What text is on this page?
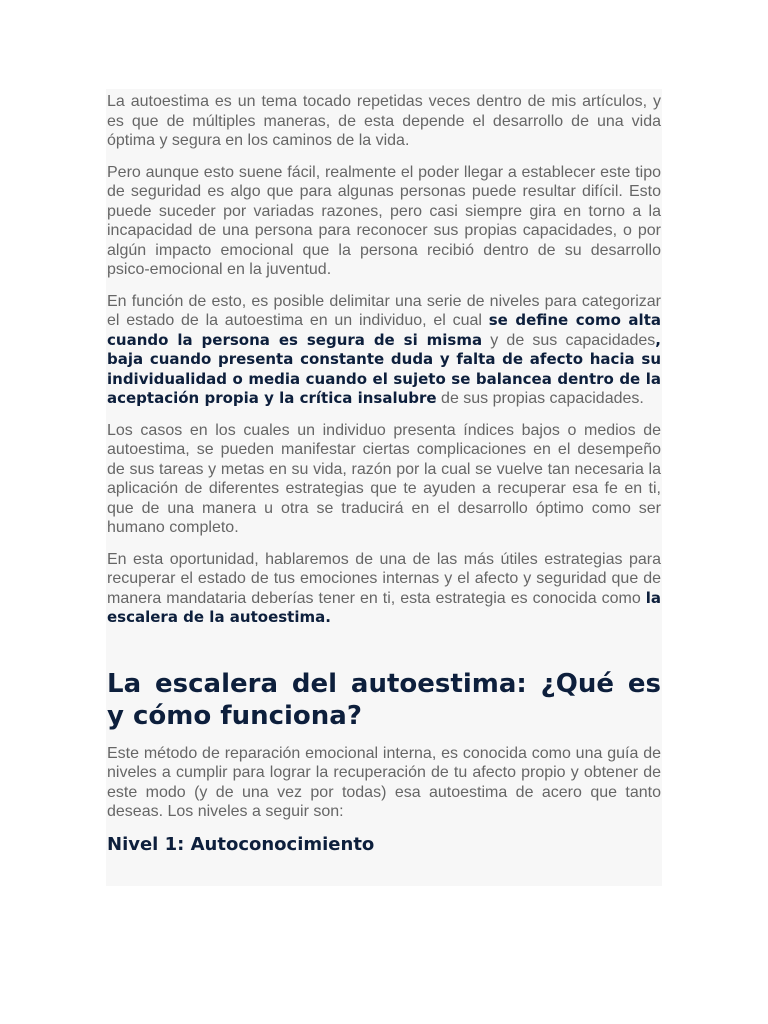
La autoestima es un tema tocado repetidas veces dentro de mis artículos, y es que de múltiples maneras, de esta depende el desarrollo de una vida óptima y segura en los caminos de la vida.

Pero aunque esto suene fácil, realmente el poder llegar a establecer este tipo de seguridad es algo que para algunas personas puede resultar difícil. Esto puede suceder por variadas razones, pero casi siempre gira en torno a la incapacidad de una persona para reconocer sus propias capacidades, o por algún impacto emocional que la persona recibió dentro de su desarrollo psico-emocional en la juventud.

En función de esto, es posible delimitar una serie de niveles para categorizar el estado de la autoestima en un individuo, el cual se define como alta cuando la persona es segura de si misma y de sus capacidades, baja cuando presenta constante duda y falta de afecto hacia su individualidad o media cuando el sujeto se balancea dentro de la aceptación propia y la crítica insalubre de sus propias capacidades.

Los casos en los cuales un individuo presenta índices bajos o medios de autoestima, se pueden manifestar ciertas complicaciones en el desempeño de sus tareas y metas en su vida, razón por la cual se vuelve tan necesaria la aplicación de diferentes estrategias que te ayuden a recuperar esa fe en ti, que de una manera u otra se traducirá en el desarrollo óptimo como ser humano completo.

En esta oportunidad, hablaremos de una de las más útiles estrategias para recuperar el estado de tus emociones internas y el afecto y seguridad que de manera mandataria deberías tener en ti, esta estrategia es conocida como la escalera de la autoestima.

La escalera del autoestima: ¿Qué es y cómo funciona?

Este método de reparación emocional interna, es conocida como una guía de niveles a cumplir para lograr la recuperación de tu afecto propio y obtener de este modo (y de una vez por todas) esa autoestima de acero que tanto deseas. Los niveles a seguir son:

Nivel 1: Autoconocimiento
